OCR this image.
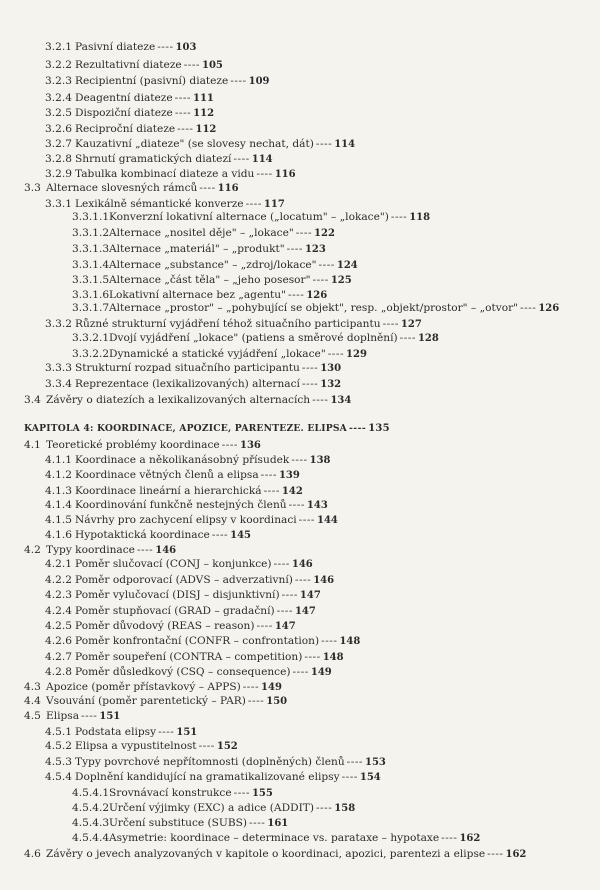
3.2.1 Pasivní diateze ---- 103
3.2.2 Rezultativní diateze ---- 105
3.2.3 Recipientní (pasivní) diateze ---- 109
3.2.4 Deagentní diateze ---- 111
3.2.5 Dispoziční diateze ---- 112
3.2.6 Reciproční diateze ---- 112
3.2.7 Kauzativní „diateze" (se slovesy nechat, dát) ---- 114
3.2.8 Shrnutí gramatických diatezí ---- 114
3.2.9 Tabulka kombinací diateze a vidu ---- 116
3.3 Alternace slovesných rámců ---- 116
3.3.1 Lexikálně sémantické konverze ---- 117
3.3.1.1Konverzní lokativní alternace („locatum" – „lokace") ---- 118
3.3.1.2Alternace „nositel děje" – „lokace" ---- 122
3.3.1.3Alternace „materiál" – „produkt" ---- 123
3.3.1.4Alternace „substance" – „zdroj/lokace" ---- 124
3.3.1.5Alternace „část těla" – „jeho posesor" ---- 125
3.3.1.6Lokativní alternace bez „agentu" ---- 126
3.3.1.7Alternace „prostor" – „pohybující se objekt", resp. „objekt/prostor" – „otvor" ---- 126
3.3.2 Různé strukturní vyjádření téhož situačního participantu ---- 127
3.3.2.1Dvojí vyjádření „lokace" (patiens a směrové doplnění) ---- 128
3.3.2.2Dynamické a statické vyjádření „lokace" ---- 129
3.3.3 Strukturní rozpad situačního participantu ---- 130
3.3.4 Reprezentace (lexikalizovaných) alternací ---- 132
3.4 Závěry o diatezích a lexikalizovaných alternacích ---- 134
KAPITOLA 4: KOORDINACE, APOZICE, PARENTEZE. ELIPSA ---- 135
4.1 Teoretické problémy koordinace ---- 136
4.1.1 Koordinace a několikanásobný přísudek ---- 138
4.1.2 Koordinace větných členů a elipsa ---- 139
4.1.3 Koordinace lineární a hierarchická ---- 142
4.1.4 Koordinování funkčně nestejných členů ---- 143
4.1.5 Návrhy pro zachycení elipsy v koordinaci ---- 144
4.1.6 Hypotaktická koordinace ---- 145
4.2 Typy koordinace ---- 146
4.2.1 Poměr slučovací (CONJ – konjunkce) ---- 146
4.2.2 Poměr odporovací (ADVS – adverzativní) ---- 146
4.2.3 Poměr vylučovací (DISJ – disjunktivní) ---- 147
4.2.4 Poměr stupňovací (GRAD – gradační) ---- 147
4.2.5 Poměr důvodový (REAS – reason) ---- 147
4.2.6 Poměr konfrontační (CONFR – confrontation) ---- 148
4.2.7 Poměr soupeření (CONTRA – competition) ---- 148
4.2.8 Poměr důsledkový (CSQ – consequence) ---- 149
4.3 Apozice (poměr přístavkový – APPS) ---- 149
4.4 Vsouvání (poměr parentetický – PAR) ---- 150
4.5 Elipsa ---- 151
4.5.1 Podstata elipsy ---- 151
4.5.2 Elipsa a vypustitelnost ---- 152
4.5.3 Typy povrchové nepřítomnosti (doplněných) členů ---- 153
4.5.4 Doplnění kandidující na gramatikalizované elipsy ---- 154
4.5.4.1Srovnávací konstrukce ---- 155
4.5.4.2Určení výjimky (EXC) a adice (ADDIT) ---- 158
4.5.4.3Určení substituce (SUBS) ---- 161
4.5.4.4Asymetrie: koordinace – determinace vs. parataxe – hypotaxe ---- 162
4.6 Závěry o jevech analyzovaných v kapitole o koordinaci, apozici, parentezi a elipse ---- 162
